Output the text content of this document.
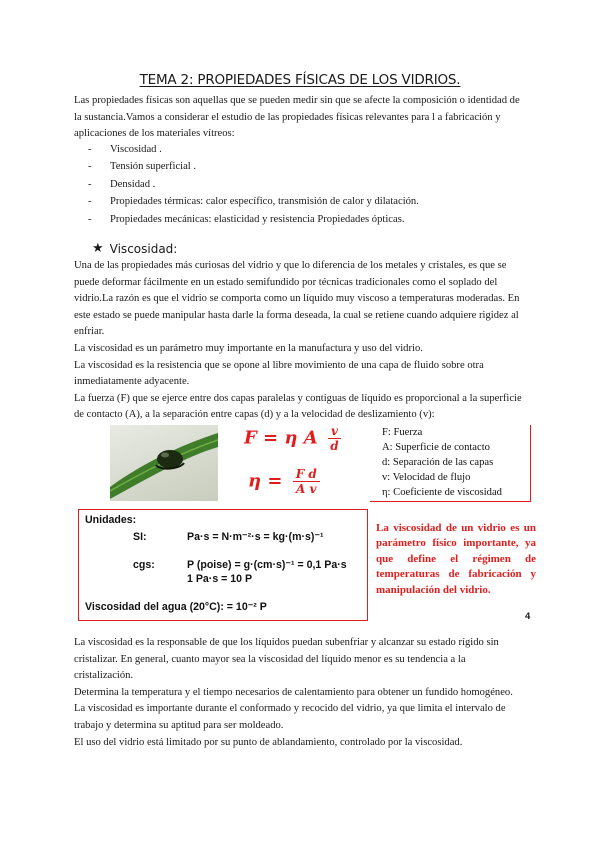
TEMA 2: PROPIEDADES FÍSICAS DE LOS VIDRIOS.

Las propiedades físicas son aquellas que se pueden medir sin que se afecte la composición o identidad de
la sustancia.Vamos a considerar el estudio de las propiedades físicas relevantes para l a fabricación y
aplicaciones de los materiales vítreos:

- Viscosidad .
- Tensión superficial .
- Densidad .
- Propiedades térmicas: calor específico, transmisión de calor y dilatación.
- Propiedades mecánicas: elasticidad y resistencia Propiedades ópticas.
★ Viscosidad:

Una de las propiedades más curiosas del vidrio y que lo diferencia de los metales y cristales, es que se
puede deformar fácilmente en un estado semifundido por técnicas tradicionales como el soplado del
vidrio.La razón es que el vidrio se comporta como un líquido muy viscoso a temperaturas moderadas. En
este estado se puede manipular hasta darle la forma deseada, la cual se retiene cuando adquiere rigidez al
enfriar.
La viscosidad es un parámetro muy importante en la manufactura y uso del vidrio.
La viscosidad es la resistencia que se opone al libre movimiento de una capa de fluido sobre otra
inmediatamente adyacente.
La fuerza (F) que se ejerce entre dos capas paralelas y contiguas de líquido es proporcional a la superficie
de contacto (A), a la separación entre capas (d) y a la velocidad de deslizamiento (v):

F = η A $\frac{v}{d}$
$\eta = \frac{\text{F d}}{\text{A v}}$
F: Fuerza
A: Superficie de contacto
d: Separación de las capas
v: Velocidad de flujo
η: Coeficiente de viscosidad
Unidades:
SI:	Pa·s = N·m⁻²·s = kg·(m·s)⁻¹
cgs:	P (poise) = g·(cm·s)⁻¹ = 0,1 Pa·s
1 Pa·s = 10 P
Viscosidad del agua (20°C): = 10⁻² P
La viscosidad de un vidrio es un parámetro físico importante, ya que define el régimen de temperaturas de fabricación y manipulación del vidrio.
4

La viscosidad es la responsable de que los líquidos puedan subenfriar y alcanzar su estado rígido sin
cristalizar. En general, cuanto mayor sea la viscosidad del líquido menor es su tendencia a la
cristalización.
Determina la temperatura y el tiempo necesarios de calentamiento para obtener un fundido homogéneo.
La viscosidad es importante durante el conformado y recocido del vidrio, ya que limita el intervalo de
trabajo y determina su aptitud para ser moldeado.
El uso del vidrio está limitado por su punto de ablandamiento, controlado por la viscosidad.
